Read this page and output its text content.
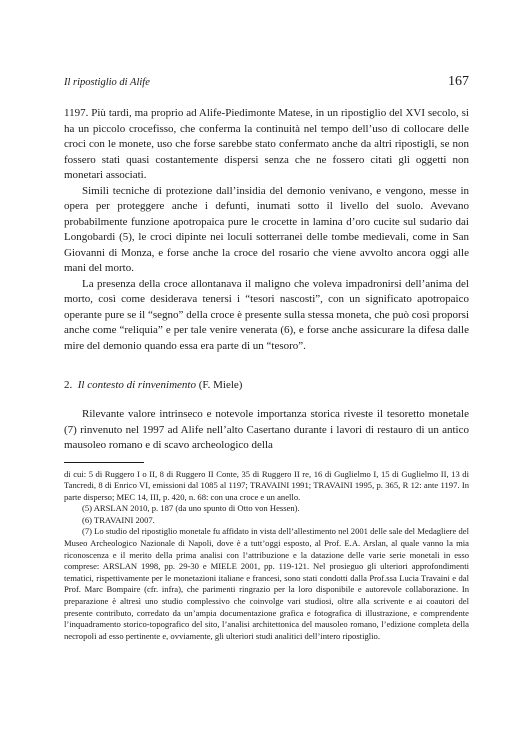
Il ripostiglio di Alife	167

1197. Più tardi, ma proprio ad Alife-Piedimonte Matese, in un ripostiglio del XVI secolo, si ha un piccolo crocefisso, che conferma la continuità nel tempo dell’uso di collocare delle croci con le monete, uso che forse sarebbe stato confermato anche da altri ripostigli, se non fossero stati quasi costantemente dispersi senza che ne fossero citati gli oggetti non monetari associati.

Simili tecniche di protezione dall’insidia del demonio venivano, e vengono, messe in opera per proteggere anche i defunti, inumati sotto il livello del suolo. Avevano probabilmente funzione apotropaica pure le crocette in lamina d’oro cucite sul sudario dai Longobardi (5), le croci dipinte nei loculi sotterranei delle tombe medievali, come in San Giovanni di Monza, e forse anche la croce del rosario che viene avvolto ancora oggi alle mani del morto.

La presenza della croce allontanava il maligno che voleva impadronirsi dell’anima del morto, così come desiderava tenersi i “tesori nascosti”, con un significato apotropaico operante pure se il “segno” della croce è presente sulla stessa moneta, che può così proporsi anche come “reliquia” e per tale venire venerata (6), e forse anche assicurare la difesa dalle mire del demonio quando essa era parte di un “tesoro”.

2. Il contesto di rinvenimento (F. Miele)

Rilevante valore intrinseco e notevole importanza storica riveste il tesoretto monetale (7) rinvenuto nel 1997 ad Alife nell’alto Casertano durante i lavori di restauro di un antico mausoleo romano e di scavo archeologico della

di cui: 5 di Ruggero I o II, 8 di Ruggero II Conte, 35 di Ruggero II re, 16 di Guglielmo I, 15 di Guglielmo II, 13 di Tancredi, 8 di Enrico VI, emissioni dal 1085 al 1197; TRAVAINI 1991; TRAVAINI 1995, p. 365, R 12: ante 1197. In parte disperso; MEC 14, III, p. 420, n. 68: con una croce e un anello.

(5) ARSLAN 2010, p. 187 (da uno spunto di Otto von Hessen).

(6) TRAVAINI 2007.

(7) Lo studio del ripostiglio monetale fu affidato in vista dell’allestimento nel 2001 delle sale del Medagliere del Museo Archeologico Nazionale di Napoli, dove è a tutt’oggi esposto, al Prof. E.A. Arslan, al quale vanno la mia riconoscenza e il merito della prima analisi con l’attribuzione e la datazione delle varie serie monetali in esso comprese: ARSLAN 1998, pp. 29-30 e MIELE 2001, pp. 119-121. Nel prosieguo gli ulteriori approfondimenti tematici, rispettivamente per le monetazioni italiane e francesi, sono stati condotti dalla Prof.ssa Lucia Travaini e dal Prof. Marc Bompaire (cfr. infra), che parimenti ringrazio per la loro disponibile e autorevole collaborazione. In preparazione è altresì uno studio complessivo che coinvolge vari studiosi, oltre alla scrivente e ai coautori del presente contributo, corredato da un’ampia documentazione grafica e fotografica di illustrazione, e comprendente l’inquadramento storico-topografico del sito, l’analisi architettonica del mausoleo romano, l’edizione completa della necropoli ad esso pertinente e, ovviamente, gli ulteriori studi analitici dell’intero ripostiglio.
